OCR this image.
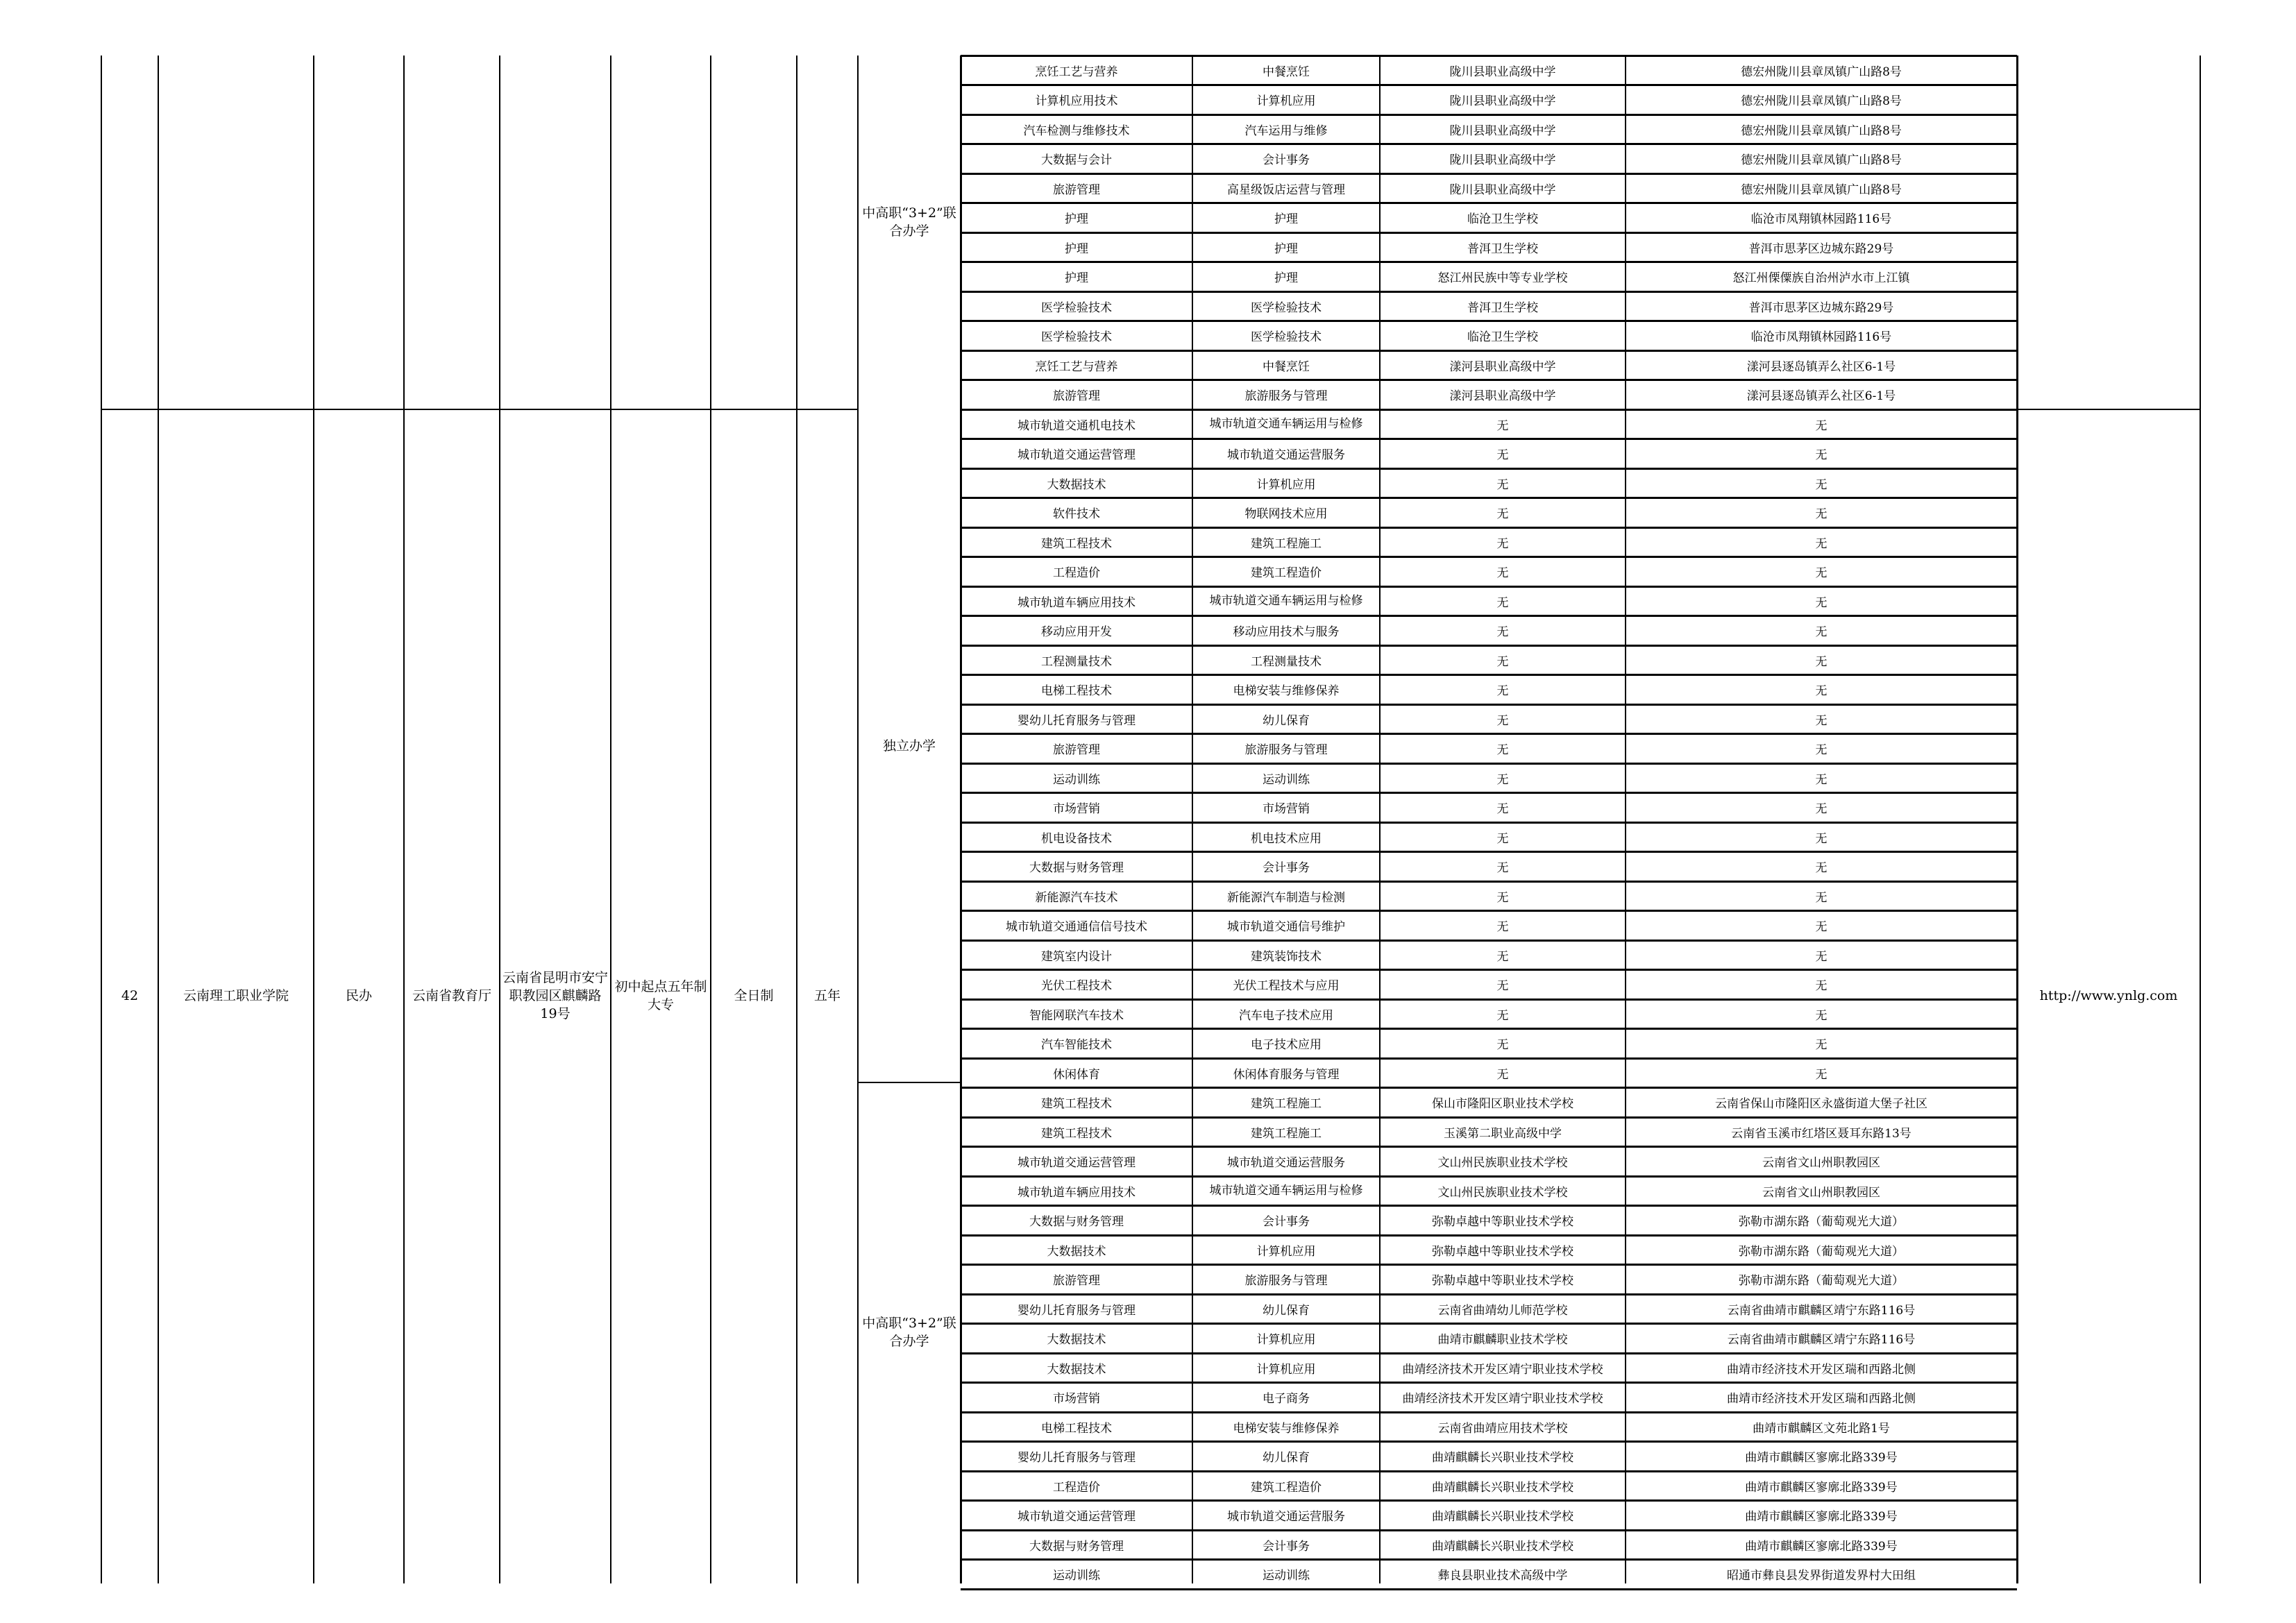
中高职“3+2”联合办学
42	云南理工职业学院	民办	云南省教育厅
云南省昆明市安宁职教园区麒麟路19号
初中起点五年制大专
全日制	五年
独立办学
中高职“3+2”联合办学
http://www.ynlg.com
烹饪工艺与营养	中餐烹饪	陇川县职业高级中学	德宏州陇川县章凤镇广山路8号
计算机应用技术	计算机应用	陇川县职业高级中学	德宏州陇川县章凤镇广山路8号
汽车检测与维修技术	汽车运用与维修	陇川县职业高级中学	德宏州陇川县章凤镇广山路8号
大数据与会计	会计事务	陇川县职业高级中学	德宏州陇川县章凤镇广山路8号
旅游管理	高星级饭店运营与管理	陇川县职业高级中学	德宏州陇川县章凤镇广山路8号
护理	护理	临沧卫生学校	临沧市凤翔镇林园路116号
护理	护理	普洱卫生学校	普洱市思茅区边城东路29号
护理	护理	怒江州民族中等专业学校	怒江州傈僳族自治州泸水市上江镇
医学检验技术	医学检验技术	普洱卫生学校	普洱市思茅区边城东路29号
医学检验技术	医学检验技术	临沧卫生学校	临沧市凤翔镇林园路116号
烹饪工艺与营养	中餐烹饪	漾河县职业高级中学	漾河县逐岛镇弄么社区6-1号
旅游管理	旅游服务与管理	漾河县职业高级中学	漾河县逐岛镇弄么社区6-1号
城市轨道交通机电技术	城市轨道交通车辆运用与检修	无	无
城市轨道交通运营管理	城市轨道交通运营服务	无	无
大数据技术	计算机应用	无	无
软件技术	物联网技术应用	无	无
建筑工程技术	建筑工程施工	无	无
工程造价	建筑工程造价	无	无
城市轨道车辆应用技术	城市轨道交通车辆运用与检修	无	无
移动应用开发	移动应用技术与服务	无	无
工程测量技术	工程测量技术	无	无
电梯工程技术	电梯安装与维修保养	无	无
婴幼儿托育服务与管理	幼儿保育	无	无
旅游管理	旅游服务与管理	无	无
运动训练	运动训练	无	无
市场营销	市场营销	无	无
机电设备技术	机电技术应用	无	无
大数据与财务管理	会计事务	无	无
新能源汽车技术	新能源汽车制造与检测	无	无
城市轨道交通通信信号技术	城市轨道交通信号维护	无	无
建筑室内设计	建筑装饰技术	无	无
光伏工程技术	光伏工程技术与应用	无	无
智能网联汽车技术	汽车电子技术应用	无	无
汽车智能技术	电子技术应用	无	无
休闲体育	休闲体育服务与管理	无	无
建筑工程技术	建筑工程施工	保山市隆阳区职业技术学校	云南省保山市隆阳区永盛街道大堡子社区
建筑工程技术	建筑工程施工	玉溪第二职业高级中学	云南省玉溪市红塔区聂耳东路13号
城市轨道交通运营管理	城市轨道交通运营服务	文山州民族职业技术学校	云南省文山州职教园区
城市轨道车辆应用技术	城市轨道交通车辆运用与检修	文山州民族职业技术学校	云南省文山州职教园区
大数据与财务管理	会计事务	弥勒卓越中等职业技术学校	弥勒市湖东路（葡萄观光大道）
大数据技术	计算机应用	弥勒卓越中等职业技术学校	弥勒市湖东路（葡萄观光大道）
旅游管理	旅游服务与管理	弥勒卓越中等职业技术学校	弥勒市湖东路（葡萄观光大道）
婴幼儿托育服务与管理	幼儿保育	云南省曲靖幼儿师范学校	云南省曲靖市麒麟区靖宁东路116号
大数据技术	计算机应用	曲靖市麒麟职业技术学校	云南省曲靖市麒麟区靖宁东路116号
大数据技术	计算机应用	曲靖经济技术开发区靖宁职业技术学校	曲靖市经济技术开发区瑞和西路北侧
市场营销	电子商务	曲靖经济技术开发区靖宁职业技术学校	曲靖市经济技术开发区瑞和西路北侧
电梯工程技术	电梯安装与维修保养	云南省曲靖应用技术学校	曲靖市麒麟区文苑北路1号
婴幼儿托育服务与管理	幼儿保育	曲靖麒麟长兴职业技术学校	曲靖市麒麟区寥廓北路339号
工程造价	建筑工程造价	曲靖麒麟长兴职业技术学校	曲靖市麒麟区寥廓北路339号
城市轨道交通运营管理	城市轨道交通运营服务	曲靖麒麟长兴职业技术学校	曲靖市麒麟区寥廓北路339号
大数据与财务管理	会计事务	曲靖麒麟长兴职业技术学校	曲靖市麒麟区寥廓北路339号
运动训练	运动训练	彝良县职业技术高级中学	昭通市彝良县发界街道发界村大田组
